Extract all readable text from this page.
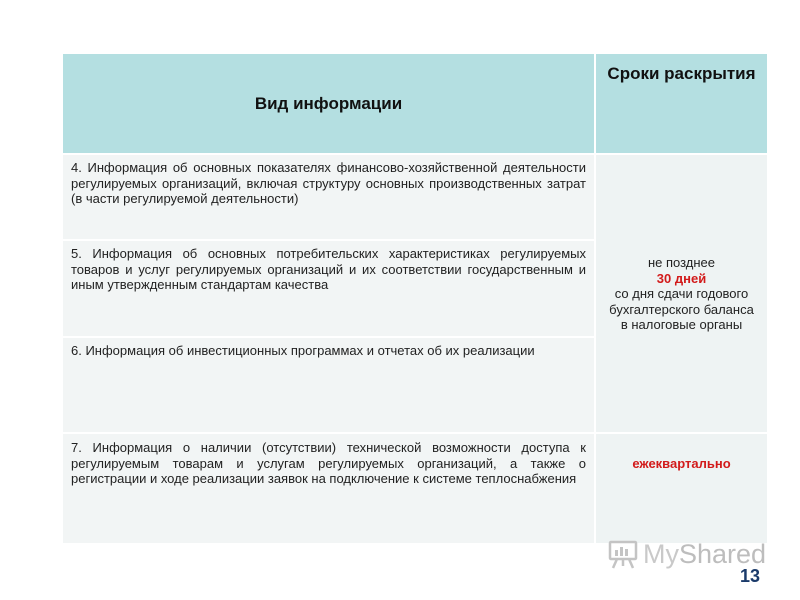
Вид информации	Сроки раскрытия
4. Информация об основных показателях финансово-хозяйственной деятельности регулируемых организаций, включая структуру основных производственных затрат (в части регулируемой деятельности)	не позднее
30 дней
со дня сдачи годового бухгалтерского баланса в налоговые органы

5. Информация об основных потребительских характеристиках регулируемых товаров и услуг регулируемых организаций и их соответствии государственным и иным утвержденным стандартам качества	
6. Информация об инвестиционных программах и отчетах об их реализации	
7. Информация о наличии (отсутствии) технической возможности доступа к регулируемым товарам и услугам регулируемых организаций, а также о регистрации и ходе реализации заявок на подключение к системе теплоснабжения	ежеквартально
MyShared
13
